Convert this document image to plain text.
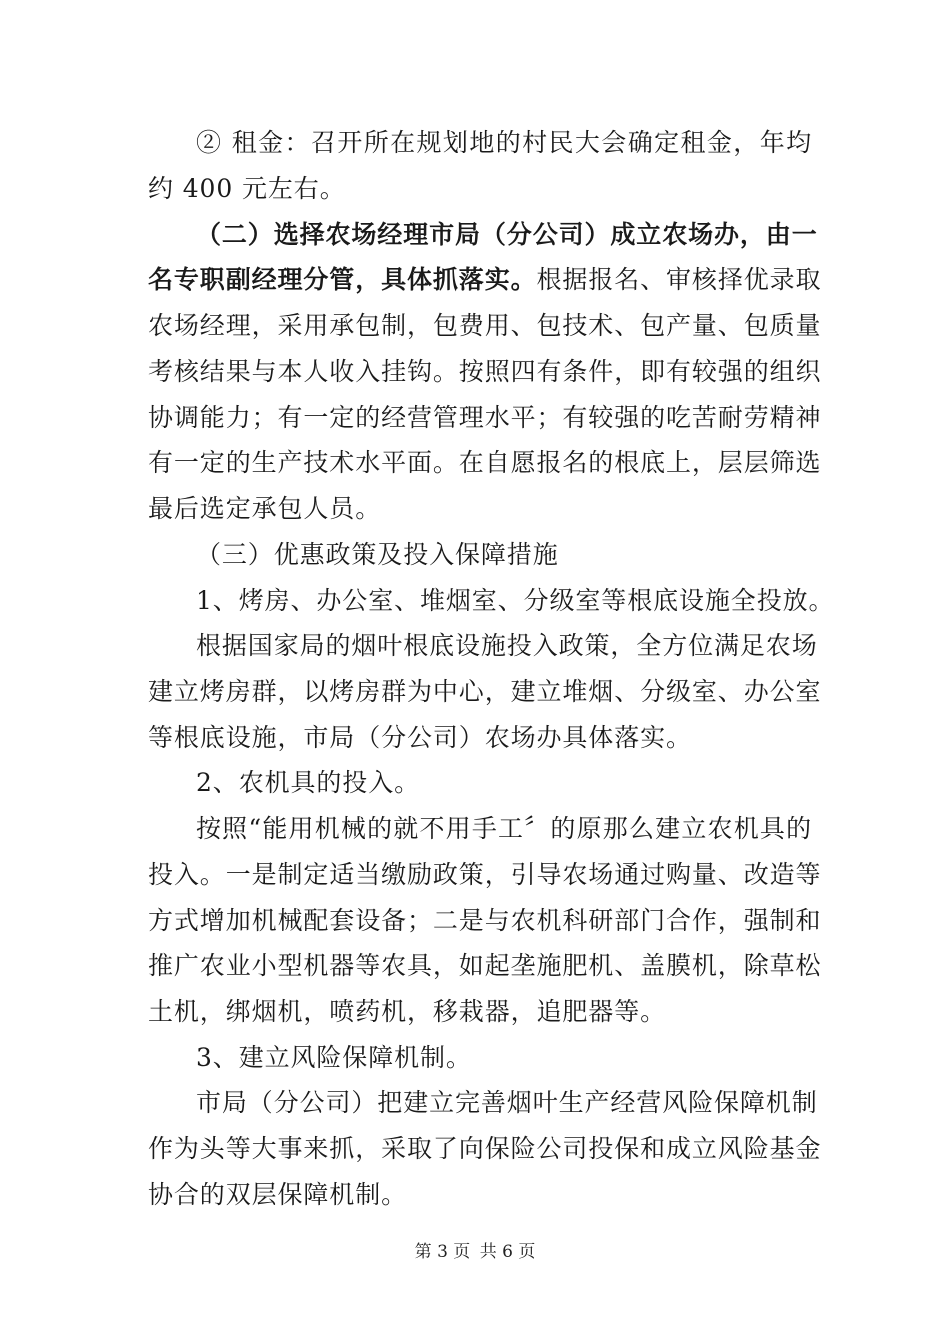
② 租金：召开所在规划地的村民大会确定租金，年均
约 400 元左右。
（二）选择农场经理市局（分公司）成立农场办，由一
名专职副经理分管，具体抓落实。根据报名、审核择优录取
农场经理，采用承包制，包费用、包技术、包产量、包质量
考核结果与本人收入挂钩。按照四有条件，即有较强的组织
协调能力；有一定的经营管理水平；有较强的吃苦耐劳精神
有一定的生产技术水平面。在自愿报名的根底上，层层筛选
最后选定承包人员。
（三）优惠政策及投入保障措施
1、烤房、办公室、堆烟室、分级室等根底设施全投放。
根据国家局的烟叶根底设施投入政策，全方位满足农场
建立烤房群，以烤房群为中心，建立堆烟、分级室、办公室
等根底设施，市局（分公司）农场办具体落实。
2、农机具的投入。
按照“能用机械的就不用手工〞的原那么建立农机具的
投入。一是制定适当缴励政策，引导农场通过购量、改造等
方式增加机械配套设备；二是与农机科研部门合作，强制和
推广农业小型机器等农具，如起垄施肥机、盖膜机，除草松
土机，绑烟机，喷药机，移栽器，追肥器等。
3、建立风险保障机制。
市局（分公司）把建立完善烟叶生产经营风险保障机制
作为头等大事来抓，采取了向保险公司投保和成立风险基金
协合的双层保障机制。
第 3 页 共 6 页
